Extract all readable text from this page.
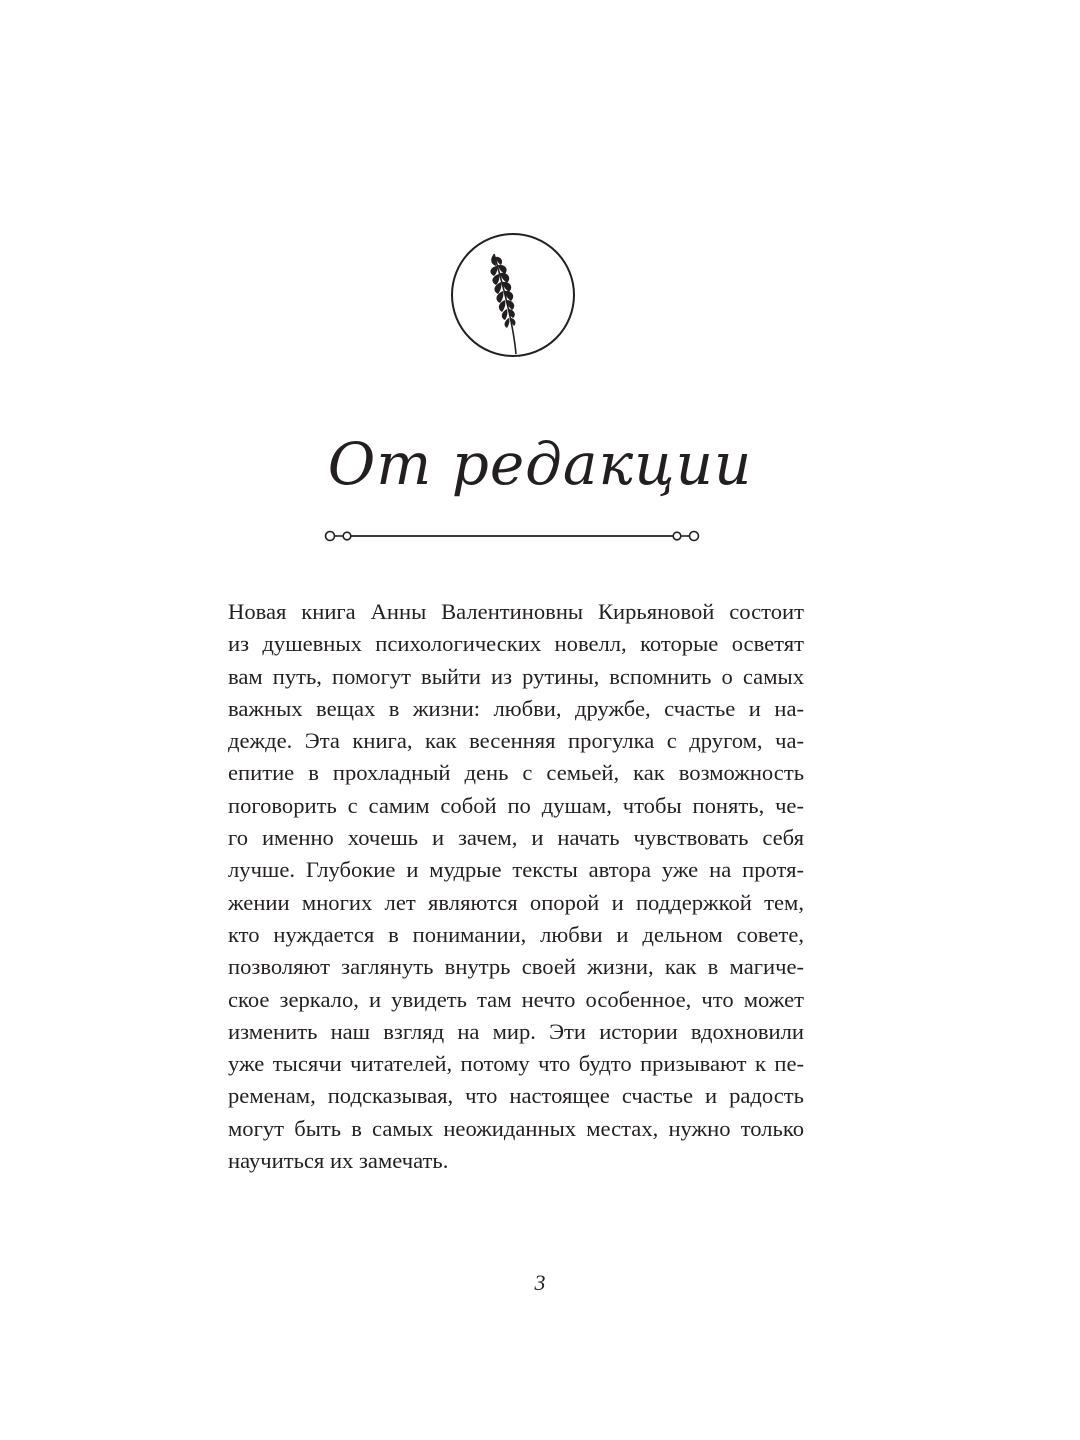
От редакции

Новая книга Анны Валентиновны Кирьяновой состоит
из душевных психологических новелл, которые осветят
вам путь, помогут выйти из рутины, вспомнить о самых
важных вещах в жизни: любви, дружбе, счастье и на-
дежде. Эта книга, как весенняя прогулка с другом, ча-
епитие в прохладный день с семьей, как возможность
поговорить с самим собой по душам, чтобы понять, че-
го именно хочешь и зачем, и начать чувствовать себя
лучше. Глубокие и мудрые тексты автора уже на протя-
жении многих лет являются опорой и поддержкой тем,
кто нуждается в понимании, любви и дельном совете,
позволяют заглянуть внутрь своей жизни, как в магиче-
ское зеркало, и увидеть там нечто особенное, что может
изменить наш взгляд на мир. Эти истории вдохновили
уже тысячи читателей, потому что будто призывают к пе-
ременам, подсказывая, что настоящее счастье и радость
могут быть в самых неожиданных местах, нужно только
научиться их замечать.

3
